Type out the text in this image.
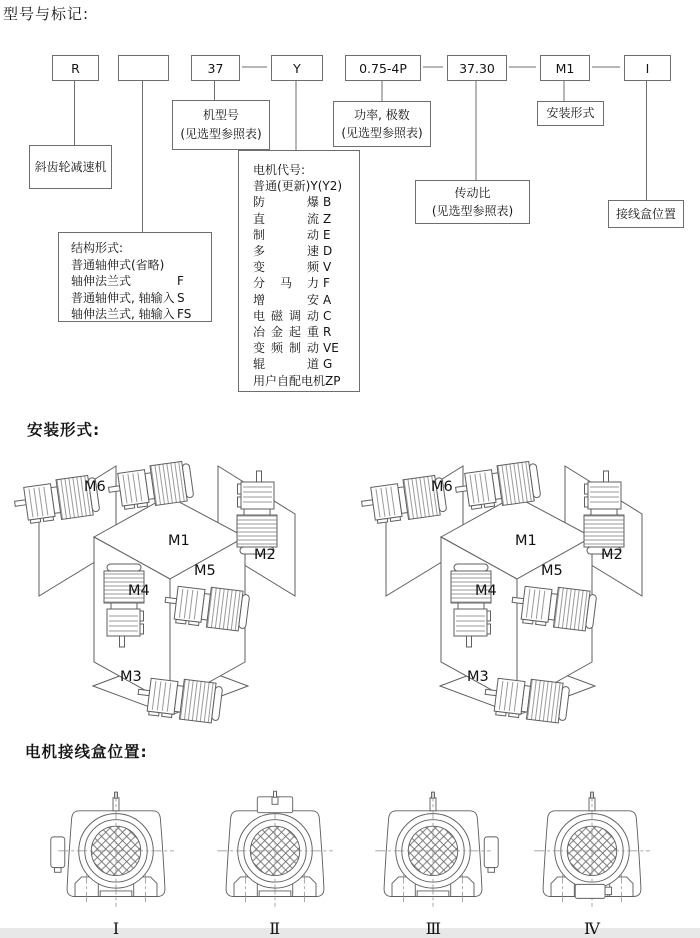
型号与标记:
R	37	Y	0.75-4P	37.30	M1	I
斜齿轮减速机
机型号
(见选型参照表)
功率, 极数
(见选型参照表)
传动比
(见选型参照表)
安装形式
接线盒位置
结构形式:
普通轴伸式(省略)
轴伸法兰式	F
普通轴伸式, 轴输入 S
轴伸法兰式, 轴输入 FS
电机代号:
普通(更新) Y(Y2)
防爆 B
直流 Z
制动 E
多速 D
变频 V
分马力 F
增安 A
电磁调动 C
冶金起重 R
变频制动 VE
辊道 G
用户自配电机 ZP
安装形式:
M6
M1
M2
M4
M5
M3
M6
M1
M2
M4
M5
M3
电机接线盒位置:
Ⅰ	Ⅱ	Ⅲ	Ⅳ
